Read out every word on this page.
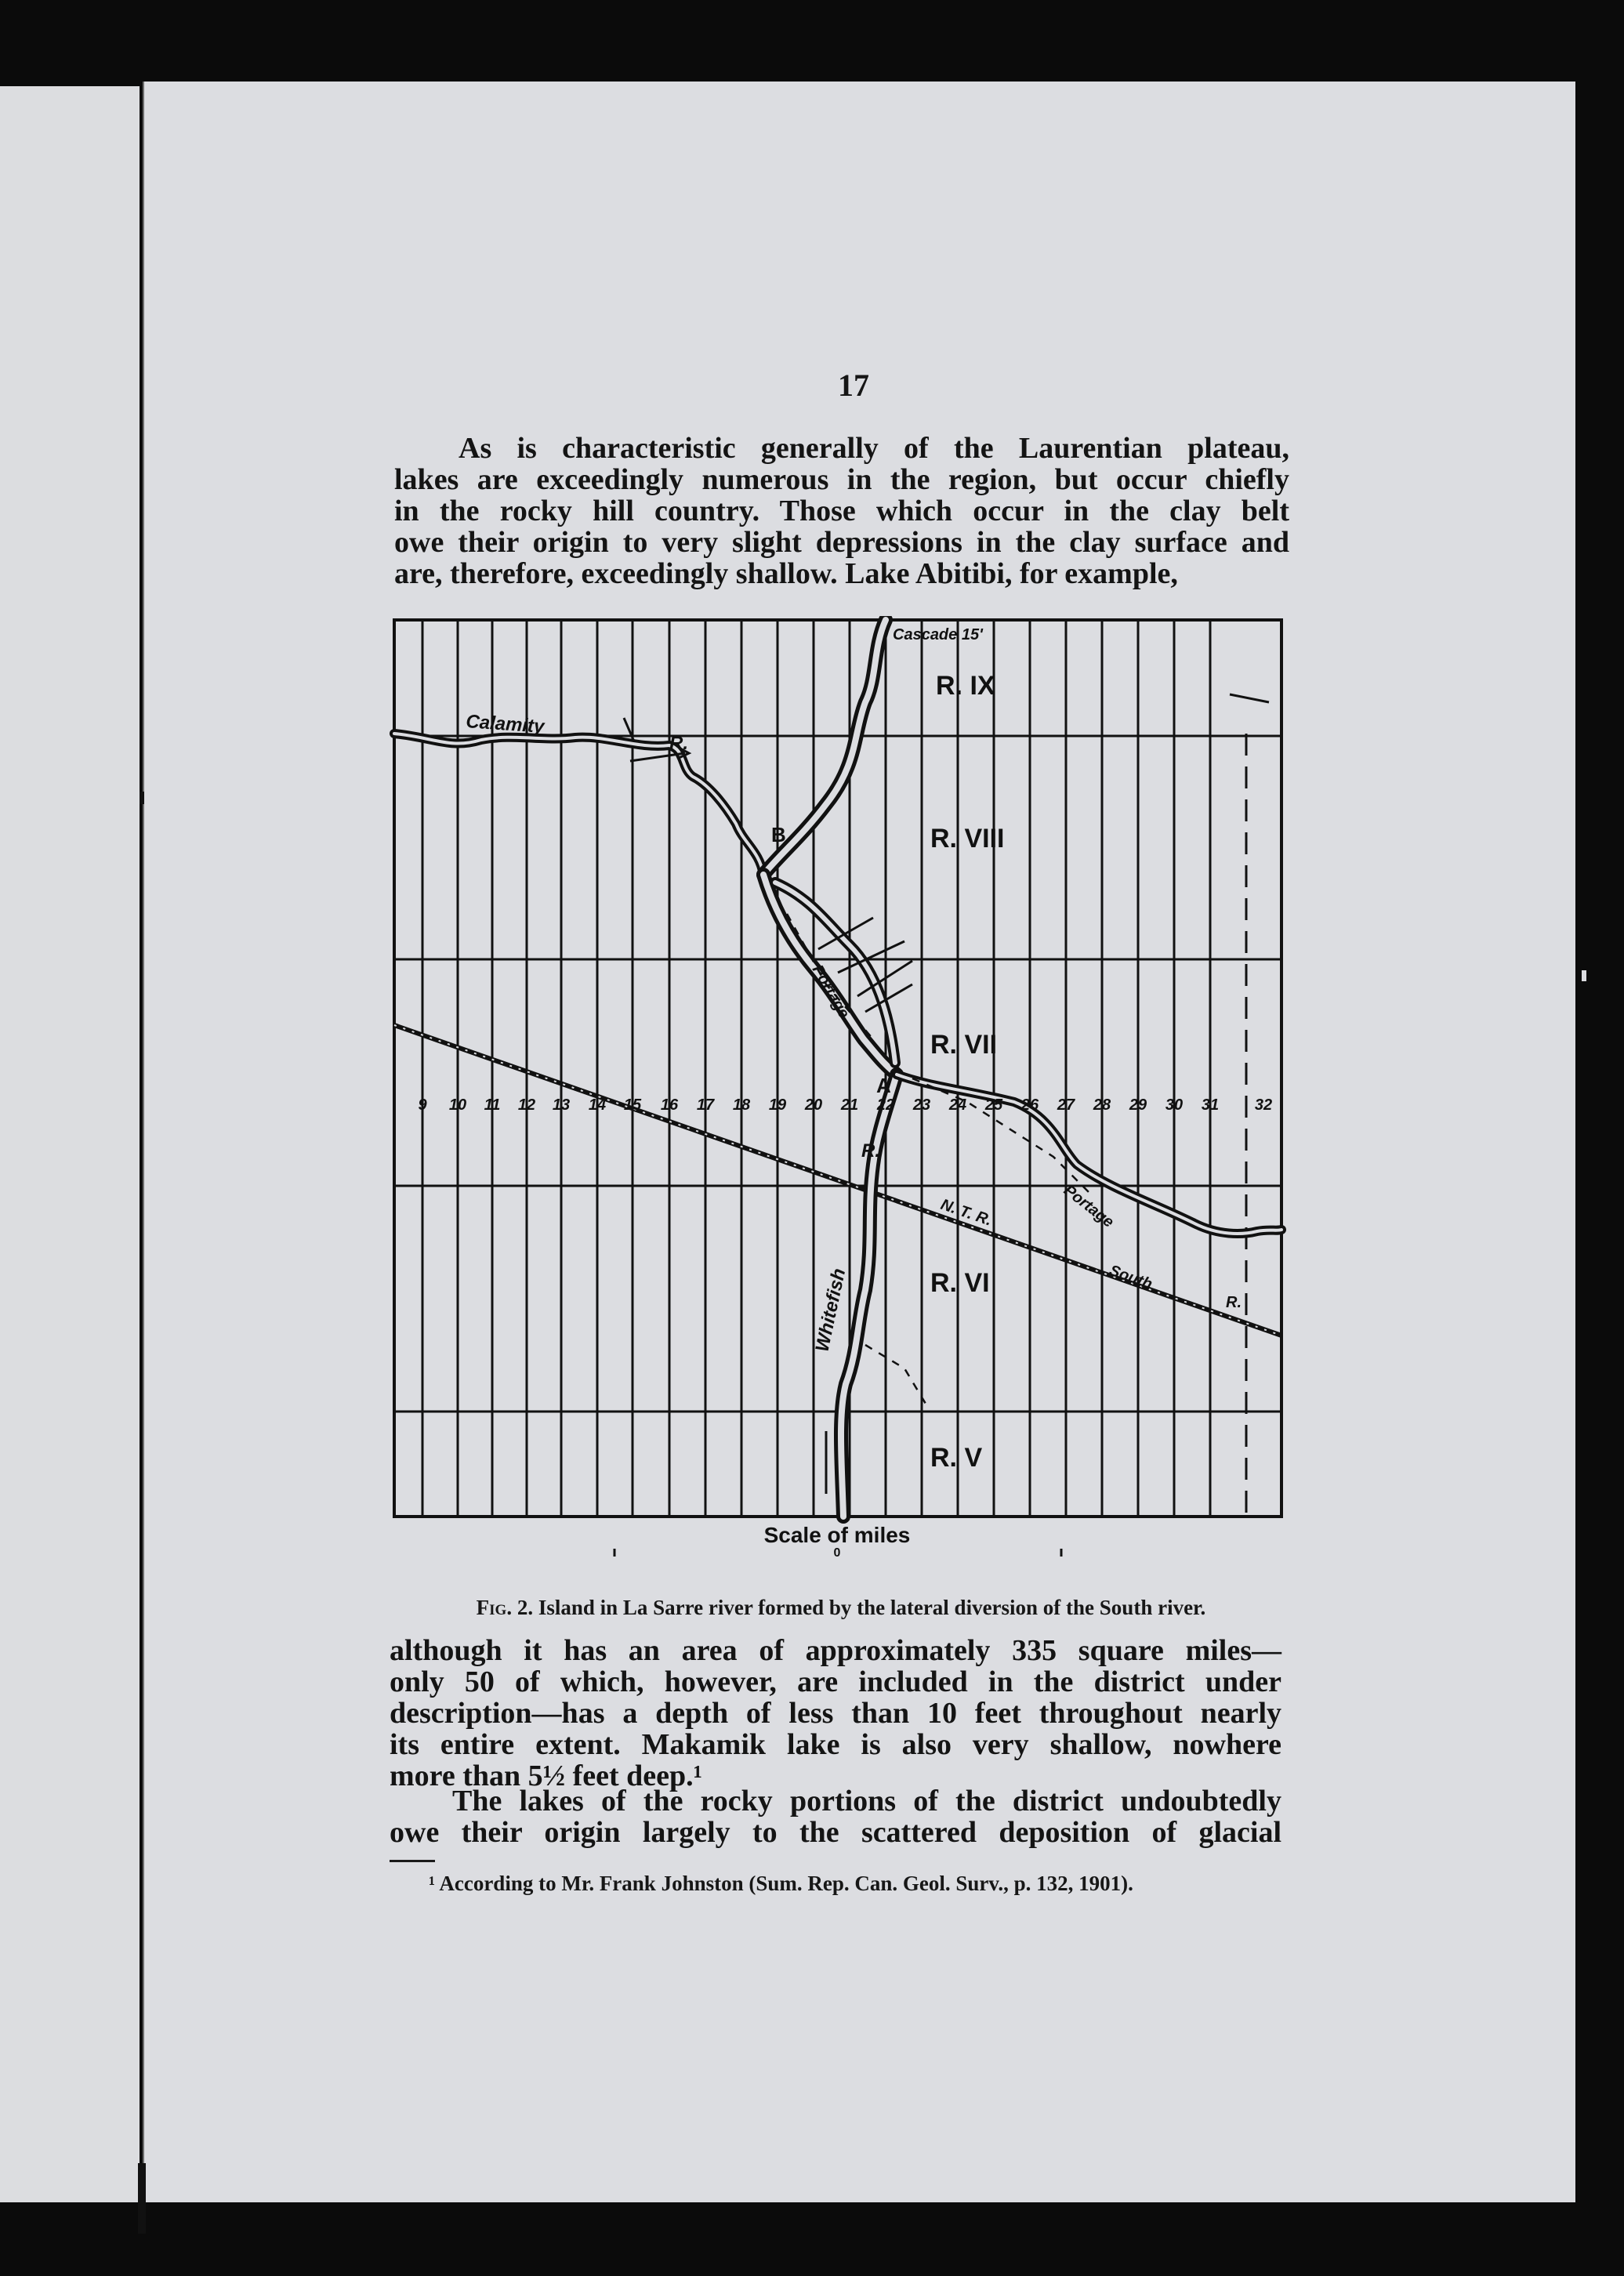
17
As is characteristic generally of the Laurentian plateau,
lakes are exceedingly numerous in the region, but occur chiefly
in the rocky hill country. Those which occur in the clay belt
owe their origin to very slight depressions in the clay surface and
are, therefore, exceedingly shallow. Lake Abitibi, for example,
R. IX
R. VIII
R. VII
R. VI
R. V
9 10 11 12 13 14 15 16 17 18 19 20 21 22 23 24 25 26 27 28 29 30 31 32
Cascade 15'
Calamity
R.
Portage
Portage
South
R.
Whitefish
R.
N. T. R.
A
B
Scale of miles
0
Fig. 2. Island in La Sarre river formed by the lateral diversion of the South river.
although it has an area of approximately 335 square miles—
only 50 of which, however, are included in the district under
description—has a depth of less than 10 feet throughout nearly
its entire extent. Makamik lake is also very shallow, nowhere
more than 5½ feet deep.¹
The lakes of the rocky portions of the district undoubtedly
owe their origin largely to the scattered deposition of glacial
¹ According to Mr. Frank Johnston (Sum. Rep. Can. Geol. Surv., p. 132, 1901).
